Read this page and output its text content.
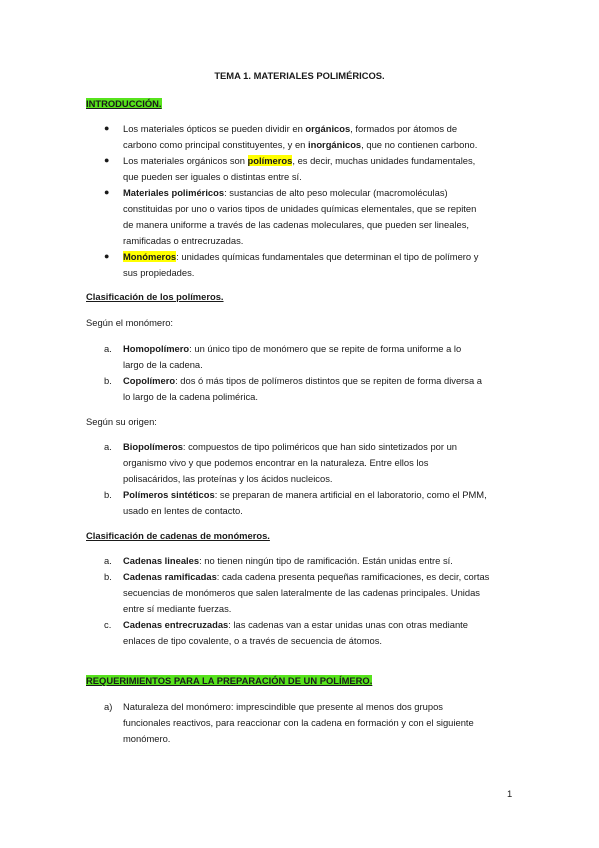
TEMA 1. MATERIALES POLIMÉRICOS.
INTRODUCCIÓN.
● Los materiales ópticos se pueden dividir en orgánicos, formados por átomos de
carbono como principal constituyentes, y en inorgánicos, que no contienen carbono.
● Los materiales orgánicos son polímeros, es decir, muchas unidades fundamentales,
que pueden ser iguales o distintas entre sí.
● Materiales poliméricos: sustancias de alto peso molecular (macromoléculas)
constituidas por uno o varios tipos de unidades químicas elementales, que se repiten
de manera uniforme a través de las cadenas moleculares, que pueden ser lineales,
ramificadas o entrecruzadas.
● Monómeros: unidades químicas fundamentales que determinan el tipo de polímero y
sus propiedades.
Clasificación de los polímeros.
Según el monómero:
a. Homopolímero: un único tipo de monómero que se repite de forma uniforme a lo
largo de la cadena.
b. Copolímero: dos ó más tipos de polímeros distintos que se repiten de forma diversa a
lo largo de la cadena polimérica.
Según su origen:
a. Biopolímeros: compuestos de tipo poliméricos que han sido sintetizados por un
organismo vivo y que podemos encontrar en la naturaleza. Entre ellos los
polisacáridos, las proteínas y los ácidos nucleicos.
b. Polímeros sintéticos: se preparan de manera artificial en el laboratorio, como el PMM,
usado en lentes de contacto.
Clasificación de cadenas de monómeros.
a. Cadenas lineales: no tienen ningún tipo de ramificación. Están unidas entre sí.
b. Cadenas ramificadas: cada cadena presenta pequeñas ramificaciones, es decir, cortas
secuencias de monómeros que salen lateralmente de las cadenas principales. Unidas
entre sí mediante fuerzas.
c. Cadenas entrecruzadas: las cadenas van a estar unidas unas con otras mediante
enlaces de tipo covalente, o a través de secuencia de átomos.
REQUERIMIENTOS PARA LA PREPARACIÓN DE UN POLÍMERO.
a) Naturaleza del monómero: imprescindible que presente al menos dos grupos
funcionales reactivos, para reaccionar con la cadena en formación y con el siguiente
monómero.
1
